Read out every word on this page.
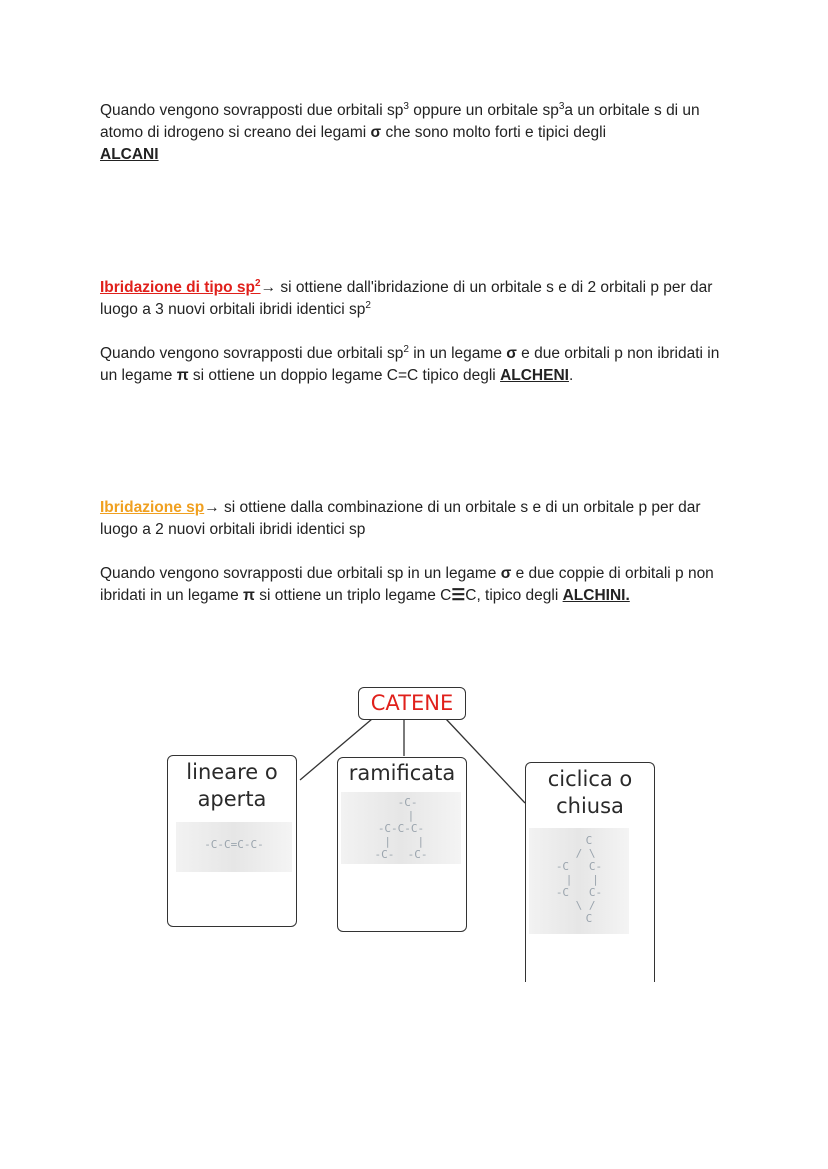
Quando vengono sovrapposti due orbitali $sp^3$ oppure un orbitale $sp^3a$ un orbitale s di un atomo di idrogeno si creano dei legami σ che sono molto forti e tipici degli
ALCANI

Ibridazione di tipo $sp^2\to$ si ottiene dall'ibridazione di un orbitale s e di 2 orbitali p per dar luogo a 3 nuovi orbitali ibridi identici $sp^2$

Quando vengono sovrapposti due orbitali $sp^2$ in un legame σ e due orbitali p non ibridati in un legame π si ottiene un doppio legame C=C tipico degli ALCHENI.

Ibridazione sp→ si ottiene dalla combinazione di un orbitale s e di un orbitale p per dar luogo a 2 nuovi orbitali ibridi identici sp

Quando vengono sovrapposti due orbitali sp in un legame σ e due coppie di orbitali p non ibridati in un legame π si ottiene un triplo legame C☰C, tipico degli ALCHINI.

CATENE
lineare o
aperta
-C-C=C-C-
ramificata
-C-
|
-C-C-C-
|    |
-C-  -C-
ciclica o
chiusa
C
/ \
-C   C-
|   |
-C   C-
\ /
C
